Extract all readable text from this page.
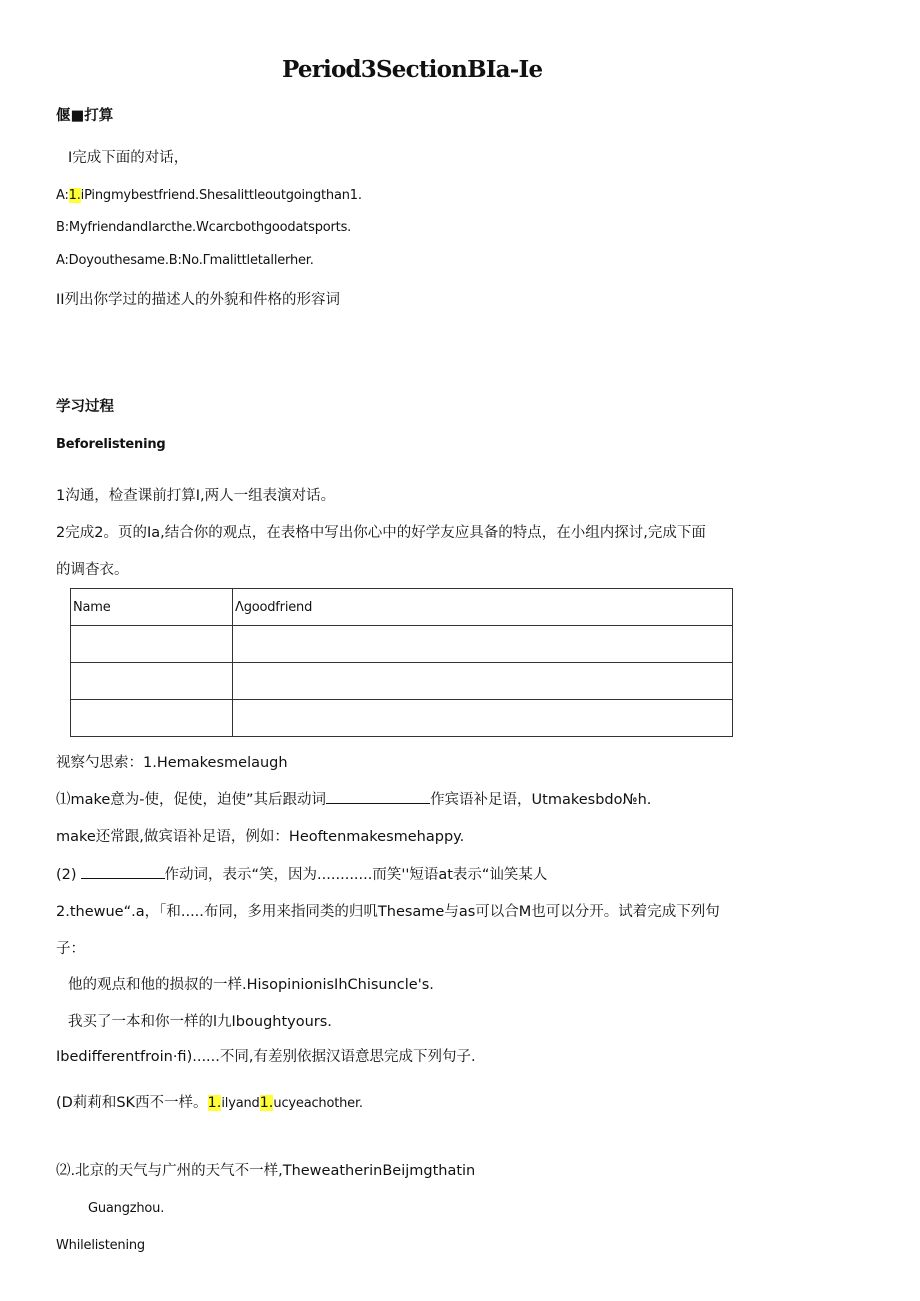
Period3SectionBIa-Ie
偃■打算
I完成下面的对话，
A:1.iPingmybestfriend.Shesalittleoutgoingthan1.
B:MyfriendandIarcthe.Wcarcbothgoodatsports.
A:Doyouthesame.B:No.Γmalittletallerher.
II列出你学过的描述人的外貌和件格的形容词
学习过程
Beforelistening
1沟通，检查课前打算I,两人一组表演对话。
2完成2。页的Ia,结合你的观点，在表格中写出你心中的好学友应具备的特点，在小组内探讨,完成下面
的调杳衣。
Name	Λgoodfriend

视察勺思索：1.Hemakesmelaugh
⑴make意为-使，促使，迫使”其后跟动词	作宾语补足语，Utmakesbdo№h.
make还常跟,做宾语补足语，例如：Heoftenmakesmehappy.
(2)	作动词，表示“笑，因为............而笑''短语at表示“讪笑某人
2.thewue“.a，「和.....布同，多用来指同类的归叽Thesame与as可以合M也可以分开。试着完成下列句
子：
他的观点和他的损叔的一样.HisopinionisIhChisuncle's.
我买了一本和你一样的l九Iboughtyours.
Ibedifferentfroin·fi)......不同,有差别依据汉语意思完成下列句子.
(D莉莉和SK西不一样。1.ilyand1.ucyeachother.
⑵.北京的天气与广州的天气不一样,TheweatherinBeijmgthatin
Guangzhou.
Whilelistening
